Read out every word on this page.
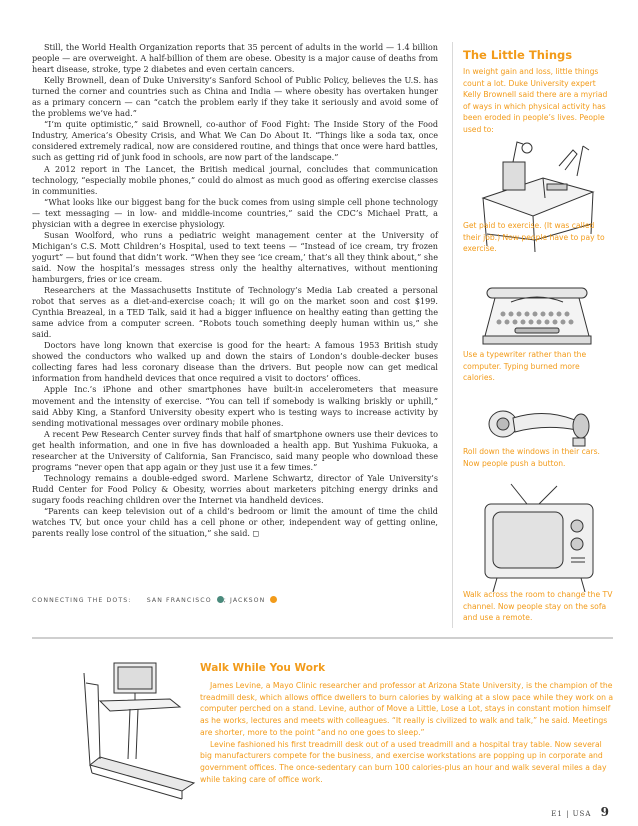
Still, the World Health Organization reports that 35 percent of adults in the world — 1.4 billion people — are overweight. A half-billion of them are obese. Obesity is a major cause of deaths from heart disease, stroke, type 2 diabetes and even certain cancers.

Kelly Brownell, dean of Duke University’s Sanford School of Public Policy, believes the U.S. has turned the corner and countries such as China and India — where obesity has overtaken hunger as a primary concern — can “catch the problem early if they take it seriously and avoid some of the problems we’ve had.”

“I’m quite optimistic,” said Brownell, co-author of Food Fight: The Inside Story of the Food Industry, America’s Obesity Crisis, and What We Can Do About It. “Things like a soda tax, once considered extremely radical, now are considered routine, and things that once were hard battles, such as getting rid of junk food in schools, are now part of the landscape.”

A 2012 report in The Lancet, the British medical journal, concludes that communication technology, “especially mobile phones,” could do almost as much good as offering exercise classes in communities.

“What looks like our biggest bang for the buck comes from using simple cell phone technology — text messaging — in low- and middle-income countries,” said the CDC’s Michael Pratt, a physician with a degree in exercise physiology.

Susan Woolford, who runs a pediatric weight management center at the University of Michigan’s C.S. Mott Children’s Hospital, used to text teens — “Instead of ice cream, try frozen yogurt” — but found that didn’t work. “When they see ‘ice cream,’ that’s all they think about,” she said. Now the hospital’s messages stress only the healthy alternatives, without mentioning hamburgers, fries or ice cream.

Researchers at the Massachusetts Institute of Technology’s Media Lab created a personal robot that serves as a diet-and-exercise coach; it will go on the market soon and cost $199. Cynthia Breazeal, in a TED Talk, said it had a bigger influence on healthy eating than getting the same advice from a computer screen. “Robots touch something deeply human within us,” she said.

Doctors have long known that exercise is good for the heart: A famous 1953 British study showed the conductors who walked up and down the stairs of London’s double-decker buses collecting fares had less coronary disease than the drivers. But people now can get medical information from handheld devices that once required a visit to doctors’ offices.

Apple Inc.’s iPhone and other smartphones have built-in accelerometers that measure movement and the intensity of exercise. “You can tell if somebody is walking briskly or uphill,” said Abby King, a Stanford University obesity expert who is testing ways to increase activity by sending motivational messages over ordinary mobile phones.

A recent Pew Research Center survey finds that half of smartphone owners use their devices to get health information, and one in five has downloaded a health app. But Yushima Fukuoka, a researcher at the University of California, San Francisco, said many people who download these programs “never open that app again or they just use it a few times.”

Technology remains a double-edged sword. Marlene Schwartz, director of Yale University’s Rudd Center for Food Policy & Obesity, worries about marketers pitching energy drinks and sugary foods reaching children over the Internet via handheld devices.

“Parents can keep television out of a child’s bedroom or limit the amount of time the child watches TV, but once your child has a cell phone or other, independent way of getting online, parents really lose control of the situation,” she said. ◻

CONNECTING THE DOTS: SAN FRANCISCO ; JACKSON
The Little Things
In weight gain and loss, little things count a lot. Duke University expert Kelly Brownell said there are a myriad of ways in which physical activity has been eroded in people’s lives. People used to:
Get paid to exercise. (It was called their job.) Now people have to pay to exercise.
Use a typewriter rather than the computer. Typing burned more calories.
Roll down the windows in their cars. Now people push a button.
Walk across the room to change the TV channel. Now people stay on the sofa and use a remote.
Walk While You Work

James Levine, a Mayo Clinic researcher and professor at Arizona State University, is the champion of the treadmill desk, which allows office dwellers to burn calories by walking at a slow pace while they work on a computer perched on a stand. Levine, author of Move a Little, Lose a Lot, stays in constant motion himself as he works, lectures and meets with colleagues. “It really is civilized to walk and talk,” he said. Meetings are shorter, more to the point “and no one goes to sleep.”

Levine fashioned his first treadmill desk out of a used treadmill and a hospital tray table. Now several big manufacturers compete for the business, and exercise workstations are popping up in corporate and government offices. The once-sedentary can burn 100 calories-plus an hour and walk several miles a day while taking care of office work.

E1 | USA 9
